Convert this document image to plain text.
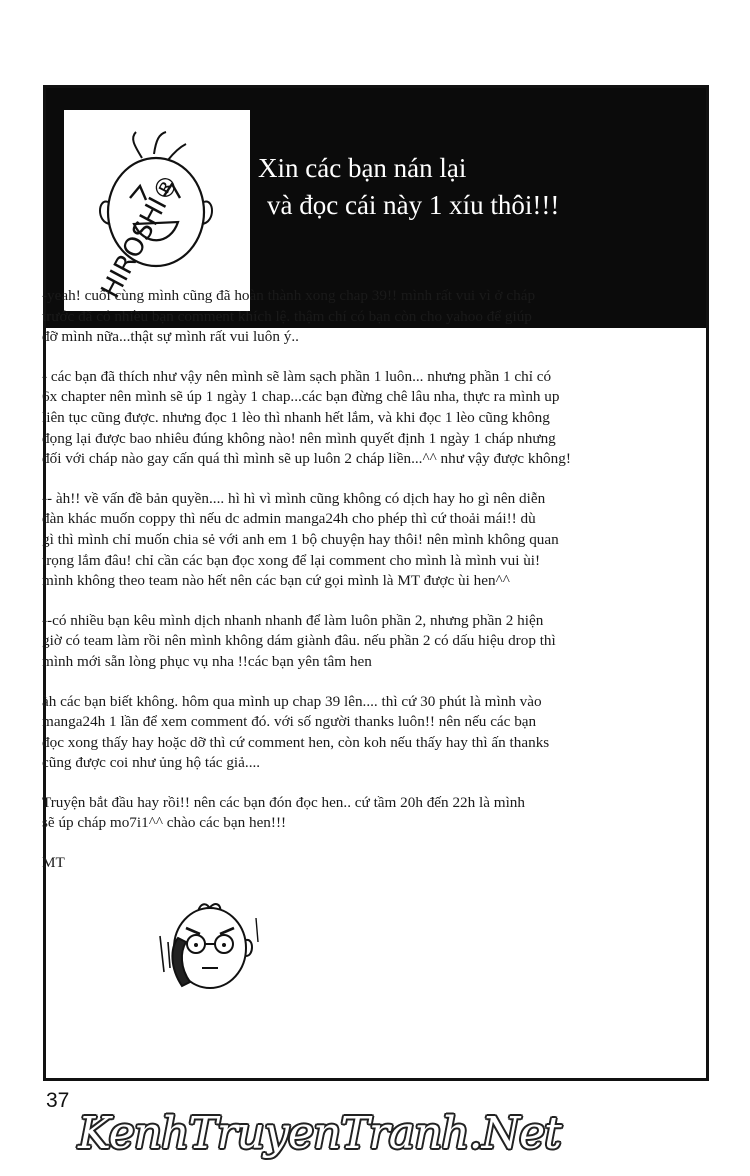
HIROSHI®
Xin các bạn nán lại
và đọc cái này 1 xíu thôi!!!
-yeah! cuối cùng mình cũng đã hoàn thành xong chap 39!! mình rất vui vì ở cháp
trước đã có nhiều bạn comment khích lệ. thậm chí có bạn còn cho yahoo để giúp
đỡ mình nữa...thật sự mình rất vui luôn ý..
- các bạn đã thích như vậy nên mình sẽ làm sạch phần 1 luôn... nhưng phần 1 chỉ có
6x chapter nên mình sẽ úp 1 ngày 1 chap...các bạn đừng chê lâu nha, thực ra mình up
liên tục cũng được. nhưng đọc 1 lèo thì nhanh hết lắm, và khi đọc 1 lèo cũng không
đọng lại được bao nhiêu đúng không nào! nên mình quyết định 1 ngày 1 cháp nhưng
đối với cháp nào gay cấn quá thì mình sẽ up luôn 2 cháp liền...^^ như vậy được không!
-- àh!! về vấn đề bản quyền.... hì hì vì mình cũng không có dịch hay ho gì nên diễn
đàn khác muốn coppy thì nếu dc admin manga24h cho phép thì cứ thoải mái!! dù
gì thì mình chỉ muốn chia sẻ với anh em 1 bộ chuyện hay thôi! nên mình không quan
trọng lắm đâu! chỉ cần các bạn đọc xong để lại comment cho mình là mình vui ùi!
mình không theo team nào hết nên các bạn cứ gọi mình là MT được ùi hen^^
--có nhiều bạn kêu mình dịch nhanh nhanh để làm luôn phần 2, nhưng phần 2 hiện
giờ có team làm rồi nên mình không dám giành đâu. nếu phần 2 có dấu hiệu drop thì
mình mới sẵn lòng phục vụ nha !!các bạn yên tâm hen
àh các bạn biết không. hôm qua mình up chap 39 lên.... thì cứ 30 phút là mình vào
manga24h 1 lần để xem comment đó. với số người thanks luôn!! nên nếu các bạn
đọc xong thấy hay hoặc dỡ thì cứ comment hen, còn koh nếu thấy hay thì ấn thanks
cũng được coi như ủng hộ tác giả....
Truyện bắt đầu hay rồi!! nên các bạn đón đọc hen.. cứ tầm 20h đến 22h là mình
sẽ úp cháp mo7i1^^ chào các bạn hen!!!
MT
37
KenhTruyenTranh.Net
